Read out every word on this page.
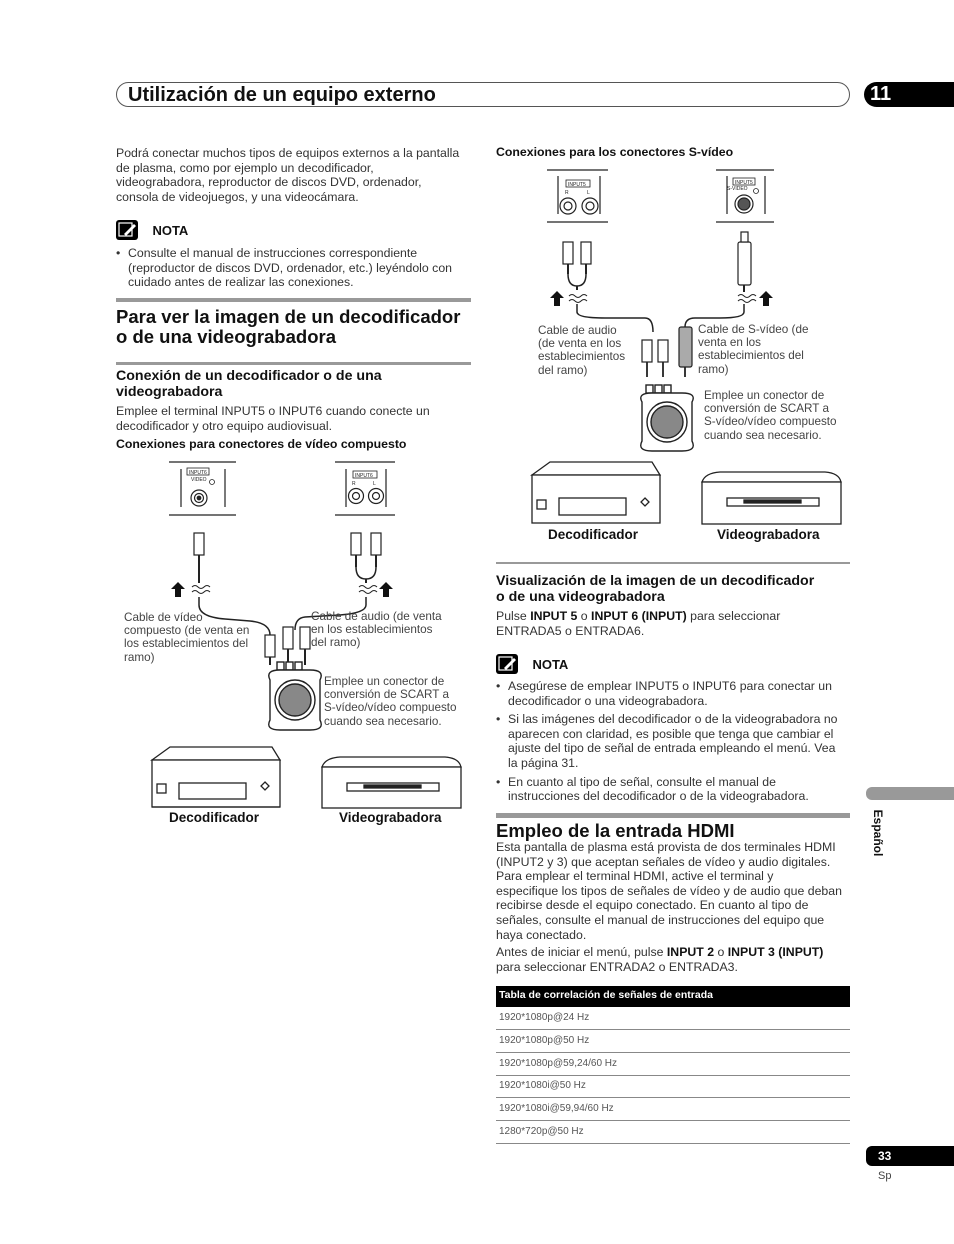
Utilización de un equipo externo	11
Podrá conectar muchos tipos de equipos externos a la pantalla
de plasma, como por ejemplo un decodificador,
videograbadora, reproductor de discos DVD, ordenador,
consola de videojuegos, y una videocámara.
NOTA
• Consulte el manual de instrucciones correspondiente
(reproductor de discos DVD, ordenador, etc.) leyéndolo con
cuidado antes de realizar las conexiones.
Para ver la imagen de un decodificador
o de una videograbadora
Conexión de un decodificador o de una
videograbadora
Emplee el terminal INPUT5 o INPUT6 cuando conecte un
decodificador y otro equipo audiovisual.
Conexiones para conectores de vídeo compuesto
INPUT6
VIDEO
INPUT6
R	L
Cable de vídeo
compuesto (de venta en
los establecimientos del
ramo)
Cable de audio (de venta
en los establecimientos
del ramo)
Emplee un conector de
conversión de SCART a
S-vídeo/vídeo compuesto
cuando sea necesario.
Decodificador	Videograbadora
Conexiones para los conectores S-vídeo
INPUT5
R	L
INPUT5
S-VIDEO
Cable de audio
(de venta en los
establecimientos
del ramo)
Cable de S-vídeo (de
venta en los
establecimientos del
ramo)
Emplee un conector de
conversión de SCART a
S-vídeo/vídeo compuesto
cuando sea necesario.
Decodificador	Videograbadora
Visualización de la imagen de un decodificador
o de una videograbadora
Pulse INPUT 5 o INPUT 6 (INPUT) para seleccionar
ENTRADA5 o ENTRADA6.
NOTA
• Asegúrese de emplear INPUT5 o INPUT6 para conectar un
decodificador o una videograbadora.
• Si las imágenes del decodificador o de la videograbadora no
aparecen con claridad, es posible que tenga que cambiar el
ajuste del tipo de señal de entrada empleando el menú. Vea
la página 31.
• En cuanto al tipo de señal, consulte el manual de
instrucciones del decodificador o de la videograbadora.
Empleo de la entrada HDMI
Esta pantalla de plasma está provista de dos terminales HDMI
(INPUT2 y 3) que aceptan señales de vídeo y audio digitales.
Para emplear el terminal HDMI, active el terminal y
especifique los tipos de señales de vídeo y de audio que deban
recibirse desde el equipo conectado. En cuanto al tipo de
señales, consulte el manual de instrucciones del equipo que
haya conectado.
Antes de iniciar el menú, pulse INPUT 2 o INPUT 3 (INPUT)
para seleccionar ENTRADA2 o ENTRADA3.
Tabla de correlación de señales de entrada
1920*1080p@24 Hz
1920*1080p@50 Hz
1920*1080p@59,24/60 Hz
1920*1080i@50 Hz
1920*1080i@59,94/60 Hz
1280*720p@50 Hz
Español
33
Sp
